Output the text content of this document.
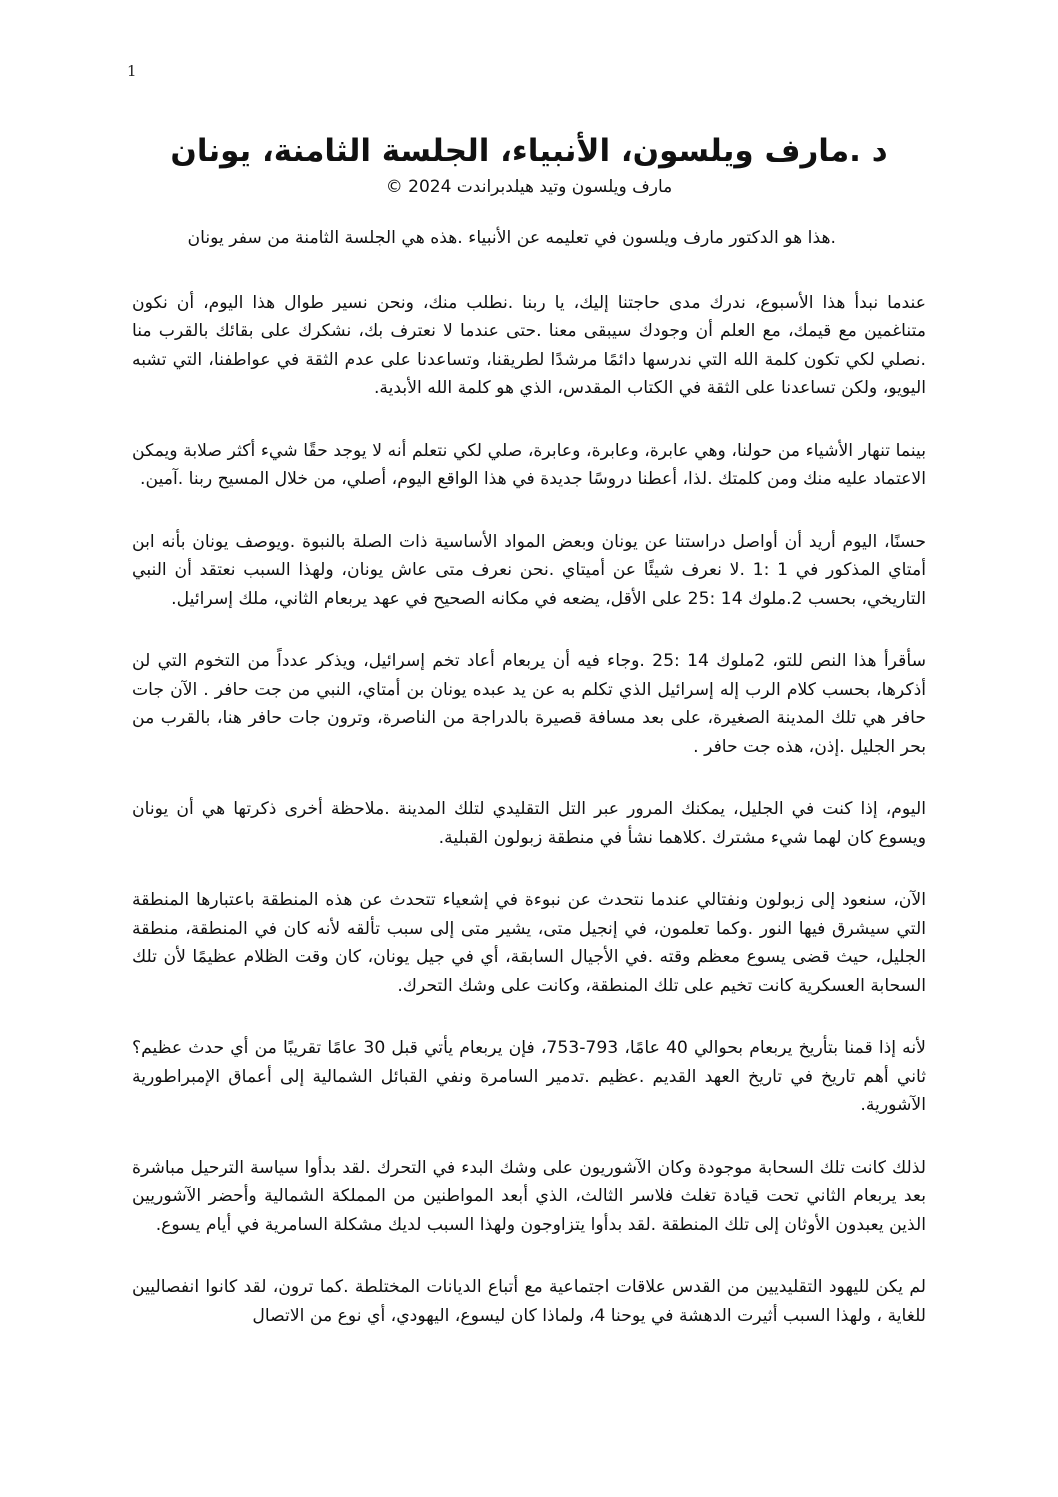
1
د .مارف ويلسون، الأنبياء، الجلسة الثامنة، يونان

مارف ويلسون وتيد هيلدبراندت 2024 ©

.هذا هو الدكتور مارف ويلسون في تعليمه عن الأنبياء .هذه هي الجلسة الثامنة من سفر يونان

عندما نبدأ هذا الأسبوع، ندرك مدى حاجتنا إليك، يا ربنا .نطلب منك، ونحن نسير طوال هذا اليوم، أن نكون متناغمين مع قيمك، مع العلم أن وجودك سيبقى معنا .حتى عندما لا نعترف بك، نشكرك على بقائك بالقرب منا .نصلي لكي تكون كلمة الله التي ندرسها دائمًا مرشدًا لطريقنا، وتساعدنا على عدم الثقة في عواطفنا، التي تشبه اليويو، ولكن تساعدنا على الثقة في الكتاب المقدس، الذي هو كلمة الله الأبدية.

بينما تنهار الأشياء من حولنا، وهي عابرة، وعابرة، وعابرة، صلي لكي نتعلم أنه لا يوجد حقًا شيء أكثر صلابة ويمكن الاعتماد عليه منك ومن كلمتك .لذا، أعطنا دروسًا جديدة في هذا الواقع اليوم، أصلي، من خلال المسيح ربنا .آمين.

حسنًا، اليوم أريد أن أواصل دراستنا عن يونان وبعض المواد الأساسية ذات الصلة بالنبوة .ويوصف يونان بأنه ابن أمتاي المذكور في 1 :1 .لا نعرف شيئًا عن أميتاي .نحن نعرف متى عاش يونان، ولهذا السبب نعتقد أن النبي التاريخي، بحسب 2.ملوك 14 :25 على الأقل، يضعه في مكانه الصحيح في عهد يربعام الثاني، ملك إسرائيل.

سأقرأ هذا النص للتو، 2ملوك 14 :25 .وجاء فيه أن يربعام أعاد تخم إسرائيل، ويذكر عدداً من التخوم التي لن أذكرها، بحسب كلام الرب إله إسرائيل الذي تكلم به عن يد عبده يونان بن أمتاي، النبي من جت حافر . الآن جات حافر هي تلك المدينة الصغيرة، على بعد مسافة قصيرة بالدراجة من الناصرة، وترون جات حافر هنا، بالقرب من بحر الجليل .إذن، هذه جت حافر .

اليوم، إذا كنت في الجليل، يمكنك المرور عبر التل التقليدي لتلك المدينة .ملاحظة أخرى ذكرتها هي أن يونان ويسوع كان لهما شيء مشترك .كلاهما نشأ في منطقة زبولون القبلية.

الآن، سنعود إلى زبولون ونفتالي عندما نتحدث عن نبوءة في إشعياء تتحدث عن هذه المنطقة باعتبارها المنطقة التي سيشرق فيها النور .وكما تعلمون، في إنجيل متى، يشير متى إلى سبب تألقه لأنه كان في المنطقة، منطقة الجليل، حيث قضى يسوع معظم وقته .في الأجيال السابقة، أي في جيل يونان، كان وقت الظلام عظيمًا لأن تلك السحابة العسكرية كانت تخيم على تلك المنطقة، وكانت على وشك التحرك.

لأنه إذا قمنا بتأريخ يربعام بحوالي 40 عامًا، 793-753، فإن يربعام يأتي قبل 30 عامًا تقريبًا من أي حدث عظيم؟ ثاني أهم تاريخ في تاريخ العهد القديم .عظيم .تدمير السامرة ونفي القبائل الشمالية إلى أعماق الإمبراطورية الآشورية.

لذلك كانت تلك السحابة موجودة وكان الآشوريون على وشك البدء في التحرك .لقد بدأوا سياسة الترحيل مباشرة بعد يربعام الثاني تحت قيادة تغلث فلاسر الثالث، الذي أبعد المواطنين من المملكة الشمالية وأحضر الآشوريين الذين يعبدون الأوثان إلى تلك المنطقة .لقد بدأوا يتزاوجون ولهذا السبب لديك مشكلة السامرية في أيام يسوع.

لم يكن لليهود التقليديين من القدس علاقات اجتماعية مع أتباع الديانات المختلطة .كما ترون، لقد كانوا انفصاليين للغاية ، ولهذا السبب أثيرت الدهشة في يوحنا 4، ولماذا كان ليسوع، اليهودي، أي نوع من الاتصال
